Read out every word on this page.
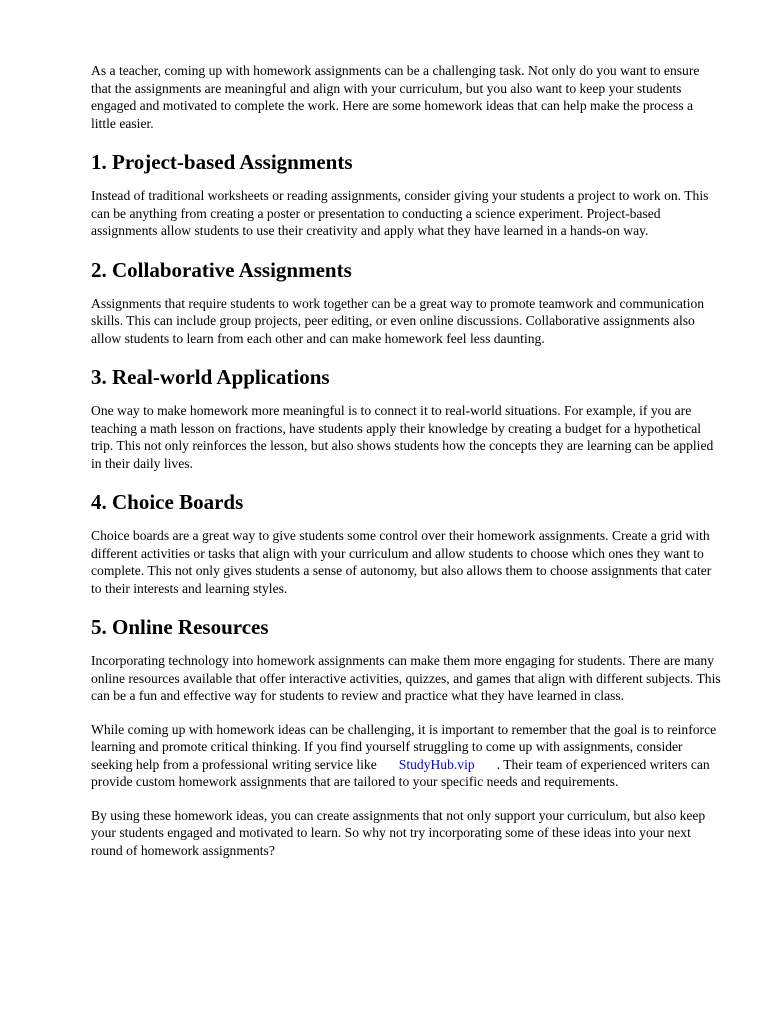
As a teacher, coming up with homework assignments can be a challenging task. Not only do you want to ensure that the assignments are meaningful and align with your curriculum, but you also want to keep your students engaged and motivated to complete the work. Here are some homework ideas that can help make the process a little easier.

1. Project-based Assignments

Instead of traditional worksheets or reading assignments, consider giving your students a project to work on. This can be anything from creating a poster or presentation to conducting a science experiment. Project-based assignments allow students to use their creativity and apply what they have learned in a hands-on way.

2. Collaborative Assignments

Assignments that require students to work together can be a great way to promote teamwork and communication skills. This can include group projects, peer editing, or even online discussions. Collaborative assignments also allow students to learn from each other and can make homework feel less daunting.

3. Real-world Applications

One way to make homework more meaningful is to connect it to real-world situations. For example, if you are teaching a math lesson on fractions, have students apply their knowledge by creating a budget for a hypothetical trip. This not only reinforces the lesson, but also shows students how the concepts they are learning can be applied in their daily lives.

4. Choice Boards

Choice boards are a great way to give students some control over their homework assignments. Create a grid with different activities or tasks that align with your curriculum and allow students to choose which ones they want to complete. This not only gives students a sense of autonomy, but also allows them to choose assignments that cater to their interests and learning styles.

5. Online Resources

Incorporating technology into homework assignments can make them more engaging for students. There are many online resources available that offer interactive activities, quizzes, and games that align with different subjects. This can be a fun and effective way for students to review and practice what they have learned in class.

While coming up with homework ideas can be challenging, it is important to remember that the goal is to reinforce learning and promote critical thinking. If you find yourself struggling to come up with assignments, consider seeking help from a professional writing service like StudyHub.vip . Their team of experienced writers can provide custom homework assignments that are tailored to your specific needs and requirements.

By using these homework ideas, you can create assignments that not only support your curriculum, but also keep your students engaged and motivated to learn. So why not try incorporating some of these ideas into your next round of homework assignments?
